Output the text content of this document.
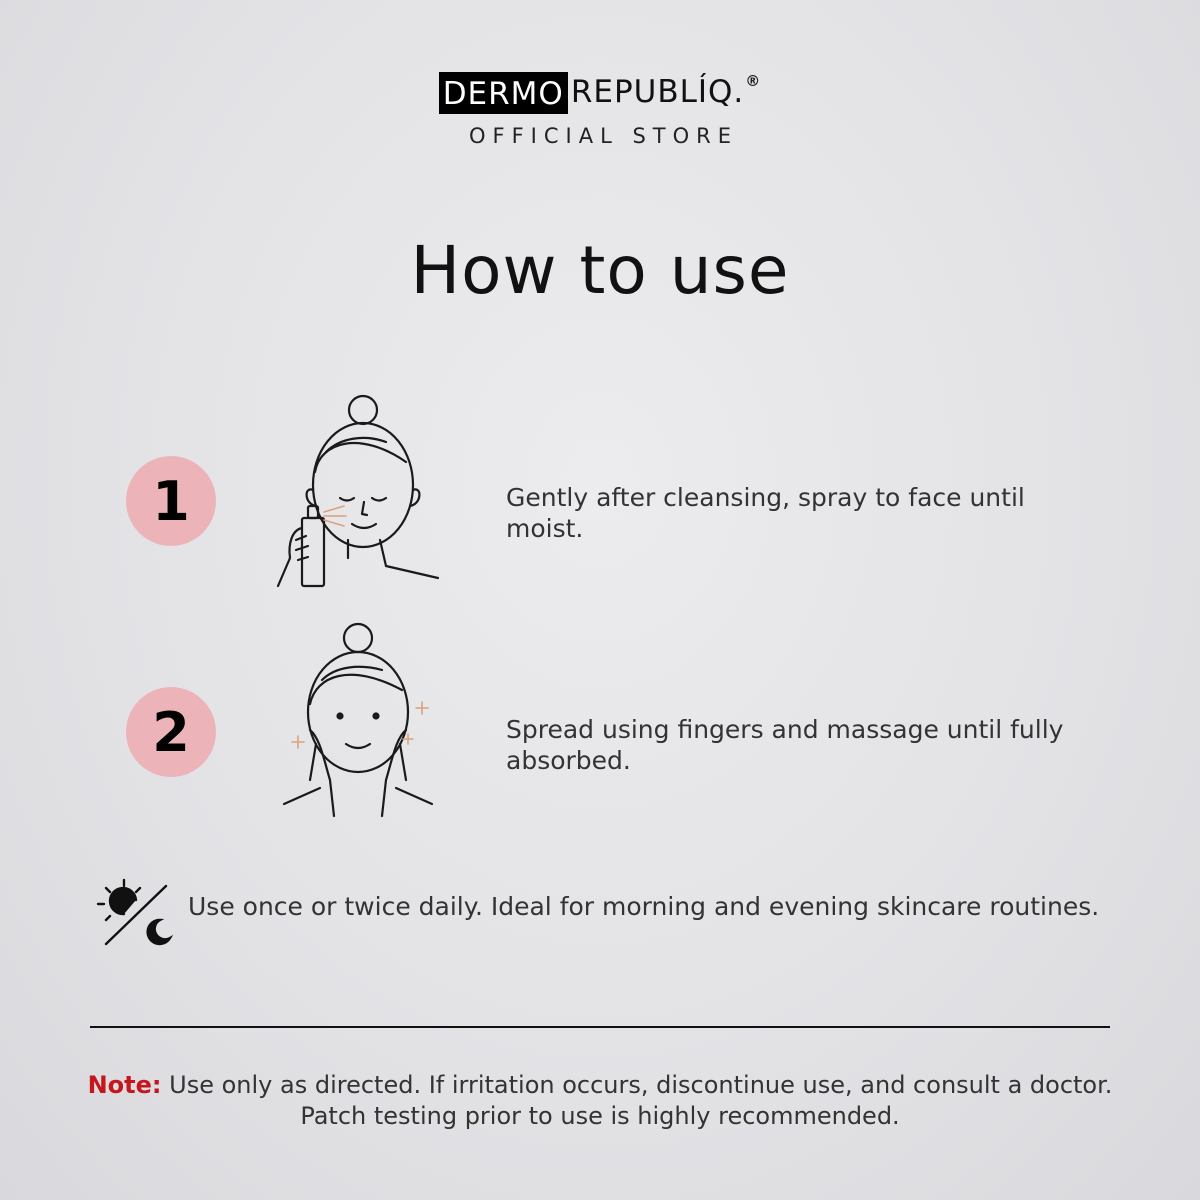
DERMO REPUBLÍQ. ®
OFFICIAL STORE
How to use
1	Gently after cleansing, spray to face until moist.
2	Spread using fingers and massage until fully absorbed.
Use once or twice daily. Ideal for morning and evening skincare routines.
Note: Use only as directed. If irritation occurs, discontinue use, and consult a doctor.
Patch testing prior to use is highly recommended.
